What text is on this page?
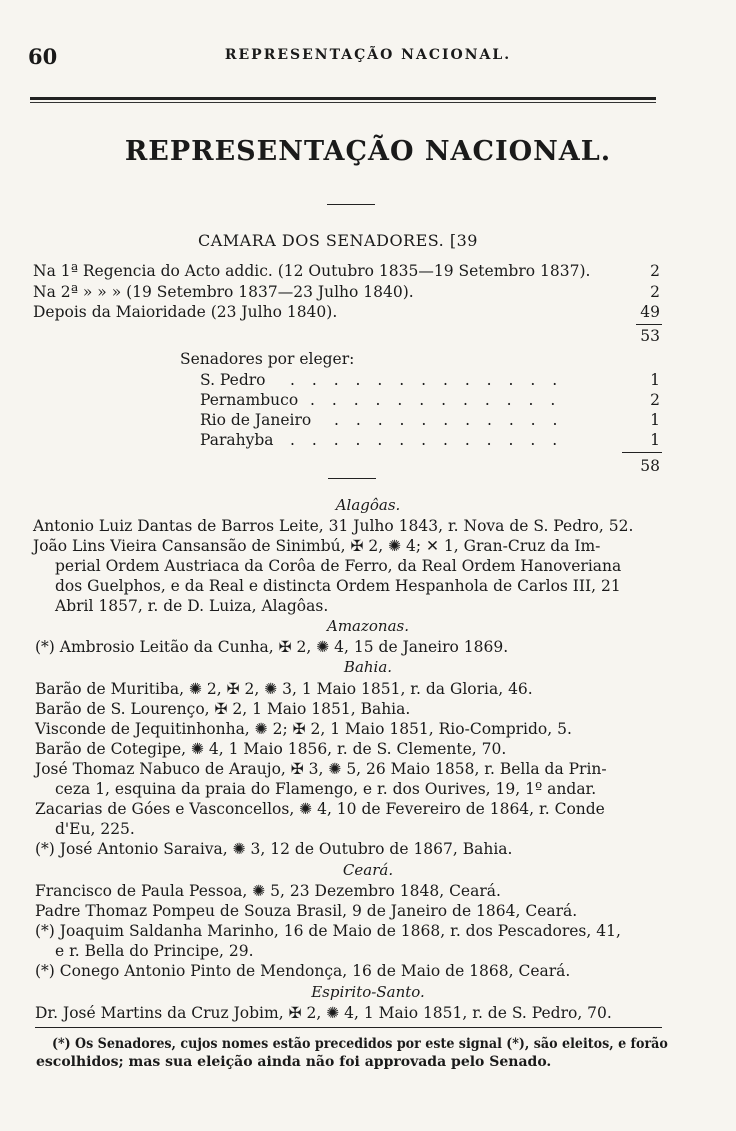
60	REPRESENTAÇÃO NACIONAL.
REPRESENTAÇÃO NACIONAL.
CAMARA DOS SENADORES. [39
Na 1ª Regencia do Acto addic. (12 Outubro 1835—19 Setembro 1837).	2
Na 2ª » » » (19 Setembro 1837—23 Julho 1840).	2
Depois da Maioridade (23 Julho 1840).	49
53
Senadores por eleger:
S. Pedro . . . . . . . . . . . . .	1
Pernambuco . . . . . . . . . . . .	2
Rio de Janeiro . . . . . . . . . . .	1
Parahyba . . . . . . . . . . . . .	1
58
Alagôas.
Antonio Luiz Dantas de Barros Leite, 31 Julho 1843, r. Nova de S. Pedro, 52.
João Lins Vieira Cansansão de Sinimbú, ✠ 2, ✺ 4; ✕ 1, Gran-Cruz da Im-
perial Ordem Austriaca da Corôa de Ferro, da Real Ordem Hanoveriana
dos Guelphos, e da Real e distincta Ordem Hespanhola de Carlos III, 21
Abril 1857, r. de D. Luiza, Alagôas.
Amazonas.
(*) Ambrosio Leitão da Cunha, ✠ 2, ✺ 4, 15 de Janeiro 1869.
Bahia.
Barão de Muritiba, ✺ 2, ✠ 2, ✺ 3, 1 Maio 1851, r. da Gloria, 46.
Barão de S. Lourenço, ✠ 2, 1 Maio 1851, Bahia.
Visconde de Jequitinhonha, ✺ 2; ✠ 2, 1 Maio 1851, Rio-Comprido, 5.
Barão de Cotegipe, ✺ 4, 1 Maio 1856, r. de S. Clemente, 70.
José Thomaz Nabuco de Araujo, ✠ 3, ✺ 5, 26 Maio 1858, r. Bella da Prin-
ceza 1, esquina da praia do Flamengo, e r. dos Ourives, 19, 1º andar.
Zacarias de Góes e Vasconcellos, ✺ 4, 10 de Fevereiro de 1864, r. Conde
d'Eu, 225.
(*) José Antonio Saraiva, ✺ 3, 12 de Outubro de 1867, Bahia.
Ceará.
Francisco de Paula Pessoa, ✺ 5, 23 Dezembro 1848, Ceará.
Padre Thomaz Pompeu de Souza Brasil, 9 de Janeiro de 1864, Ceará.
(*) Joaquim Saldanha Marinho, 16 de Maio de 1868, r. dos Pescadores, 41,
e r. Bella do Principe, 29.
(*) Conego Antonio Pinto de Mendonça, 16 de Maio de 1868, Ceará.
Espirito-Santo.
Dr. José Martins da Cruz Jobim, ✠ 2, ✺ 4, 1 Maio 1851, r. de S. Pedro, 70.
(*) Os Senadores, cujos nomes estão precedidos por este signal (*), são eleitos, e forão
escolhidos; mas sua eleição ainda não foi approvada pelo Senado.
